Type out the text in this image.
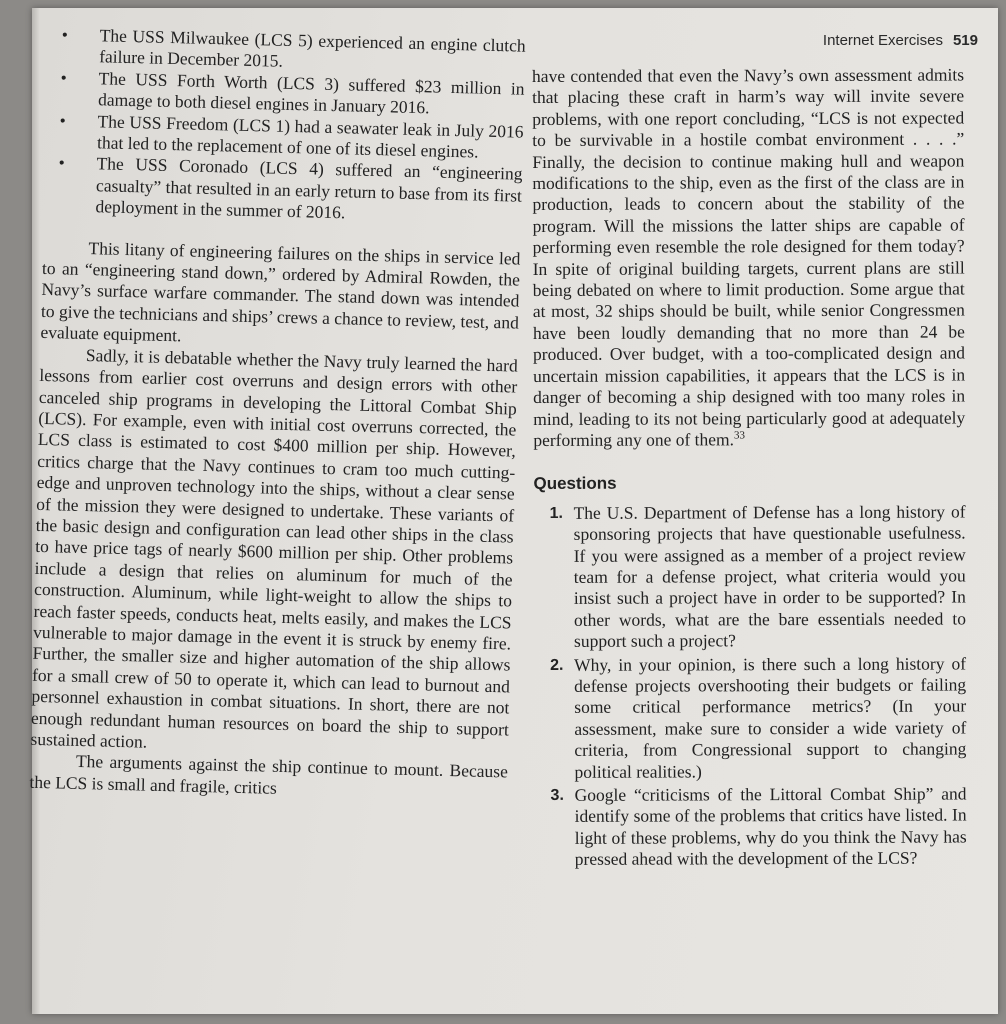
Internet Exercises 519
• The USS Milwaukee (LCS 5) experienced an engine clutch failure in December 2015.
• The USS Forth Worth (LCS 3) suffered $23 million in damage to both diesel engines in January 2016.
• The USS Freedom (LCS 1) had a seawater leak in July 2016 that led to the replacement of one of its diesel engines.
• The USS Coronado (LCS 4) suffered an “engineering casualty” that resulted in an early return to base from its first deployment in the summer of 2016.

This litany of engineering failures on the ships in service led to an “engineering stand down,” ordered by Admiral Rowden, the Navy’s surface warfare commander. The stand down was intended to give the technicians and ships’ crews a chance to review, test, and evaluate equipment.

Sadly, it is debatable whether the Navy truly learned the hard lessons from earlier cost overruns and design errors with other canceled ship programs in developing the Littoral Combat Ship (LCS). For example, even with initial cost overruns corrected, the LCS class is estimated to cost $400 million per ship. However, critics charge that the Navy continues to cram too much cutting-edge and unproven technology into the ships, without a clear sense of the mission they were designed to undertake. These variants of the basic design and configuration can lead other ships in the class to have price tags of nearly $600 million per ship. Other problems include a design that relies on aluminum for much of the construction. Aluminum, while light-weight to allow the ships to reach faster speeds, conducts heat, melts easily, and makes the LCS vulnerable to major damage in the event it is struck by enemy fire. Further, the smaller size and higher automation of the ship allows for a small crew of 50 to operate it, which can lead to burnout and personnel exhaustion in combat situations. In short, there are not enough redundant human resources on board the ship to support sustained action.

The arguments against the ship continue to mount. Because the LCS is small and fragile, critics

have contended that even the Navy’s own assessment admits that placing these craft in harm’s way will invite severe problems, with one report concluding, “LCS is not expected to be survivable in a hostile combat environment . . . .” Finally, the decision to continue making hull and weapon modifications to the ship, even as the first of the class are in production, leads to concern about the stability of the program. Will the missions the latter ships are capable of performing even resemble the role designed for them today? In spite of original building targets, current plans are still being debated on where to limit production. Some argue that at most, 32 ships should be built, while senior Congressmen have been loudly demanding that no more than 24 be produced. Over budget, with a too-complicated design and uncertain mission capabilities, it appears that the LCS is in danger of becoming a ship designed with too many roles in mind, leading to its not being particularly good at adequately performing any one of them.$^{33}$

Questions
1. The U.S. Department of Defense has a long history of sponsoring projects that have questionable usefulness. If you were assigned as a member of a project review team for a defense project, what criteria would you insist such a project have in order to be supported? In other words, what are the bare essentials needed to support such a project?
2. Why, in your opinion, is there such a long history of defense projects overshooting their budgets or failing some critical performance metrics? (In your assessment, make sure to consider a wide variety of criteria, from Congressional support to changing political realities.)
3. Google “criticisms of the Littoral Combat Ship” and identify some of the problems that critics have listed. In light of these problems, why do you think the Navy has pressed ahead with the development of the LCS?
